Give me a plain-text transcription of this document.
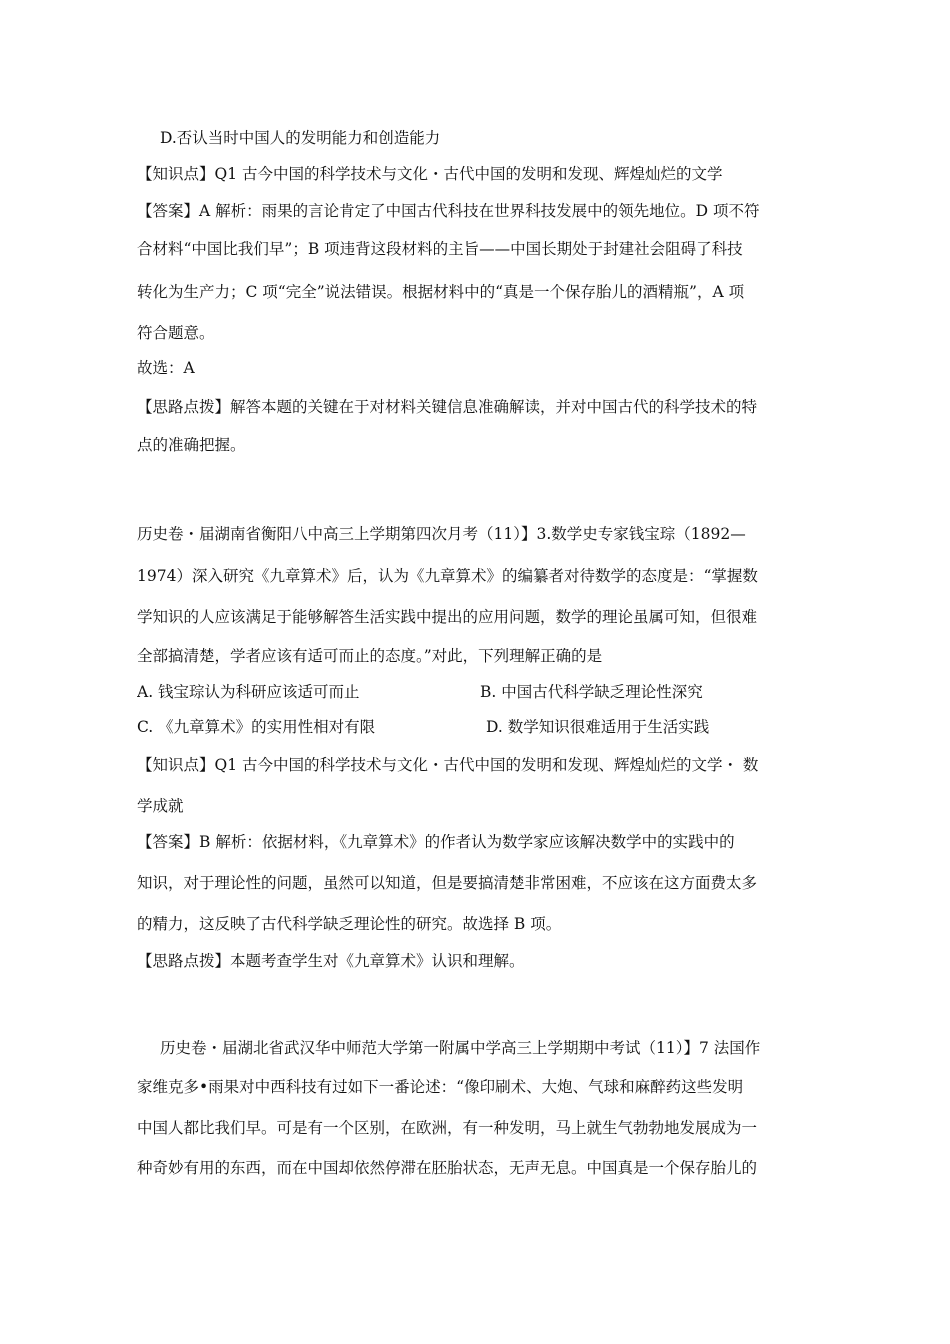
D.否认当时中国人的发明能力和创造能力
【知识点】Q1 古今中国的科学技术与文化・古代中国的发明和发现、辉煌灿烂的文学
【答案】A 解析：雨果的言论肯定了中国古代科技在世界科技发展中的领先地位。D 项不符
合材料“中国比我们早”；B 项违背这段材料的主旨——中国长期处于封建社会阻碍了科技
转化为生产力；C 项“完全”说法错误。根据材料中的“真是一个保存胎儿的酒精瓶”，A 项
符合题意。
故选：A
【思路点拨】解答本题的关键在于对材料关键信息准确解读，并对中国古代的科学技术的特
点的准确把握。
历史卷・届湖南省衡阳八中高三上学期第四次月考（11）】3.数学史专家钱宝琮（1892—
1974）深入研究《九章算术》后，认为《九章算术》的编纂者对待数学的态度是：“掌握数
学知识的人应该满足于能够解答生活实践中提出的应用问题，数学的理论虽属可知，但很难
全部搞清楚，学者应该有适可而止的态度。”对此，下列理解正确的是
A. 钱宝琮认为科研应该适可而止	B. 中国古代科学缺乏理论性深究
C. 《九章算术》的实用性相对有限	D. 数学知识很难适用于生活实践
【知识点】Q1 古今中国的科学技术与文化・古代中国的发明和发现、辉煌灿烂的文学・ 数
学成就
【答案】B 解析：依据材料，《九章算术》的作者认为数学家应该解决数学中的实践中的
知识，对于理论性的问题，虽然可以知道，但是要搞清楚非常困难，不应该在这方面费太多
的精力，这反映了古代科学缺乏理论性的研究。故选择 B 项。
【思路点拨】本题考查学生对《九章算术》认识和理解。
历史卷・届湖北省武汉华中师范大学第一附属中学高三上学期期中考试（11）】7 法国作
家维克多•雨果对中西科技有过如下一番论述：“像印刷术、大炮、气球和麻醉药这些发明
中国人都比我们早。可是有一个区别，在欧洲，有一种发明，马上就生气勃勃地发展成为一
种奇妙有用的东西，而在中国却依然停滞在胚胎状态，无声无息。中国真是一个保存胎儿的
